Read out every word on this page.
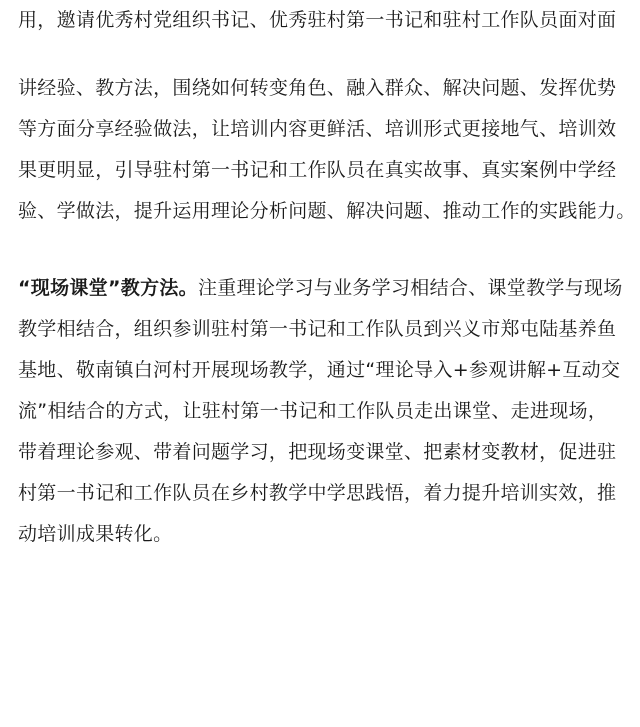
用，邀请优秀村党组织书记、优秀驻村第一书记和驻村工作队员面对面
讲经验、教方法，围绕如何转变角色、融入群众、解决问题、发挥优势
等方面分享经验做法，让培训内容更鲜活、培训形式更接地气、培训效
果更明显，引导驻村第一书记和工作队员在真实故事、真实案例中学经
验、学做法，提升运用理论分析问题、解决问题、推动工作的实践能力。
“现场课堂”教方法。注重理论学习与业务学习相结合、课堂教学与现场
教学相结合，组织参训驻村第一书记和工作队员到兴义市郑屯陆基养鱼
基地、敬南镇白河村开展现场教学，通过“理论导入+参观讲解+互动交
流”相结合的方式，让驻村第一书记和工作队员走出课堂、走进现场，
带着理论参观、带着问题学习，把现场变课堂、把素材变教材，促进驻
村第一书记和工作队员在乡村教学中学思践悟，着力提升培训实效，推
动培训成果转化。
